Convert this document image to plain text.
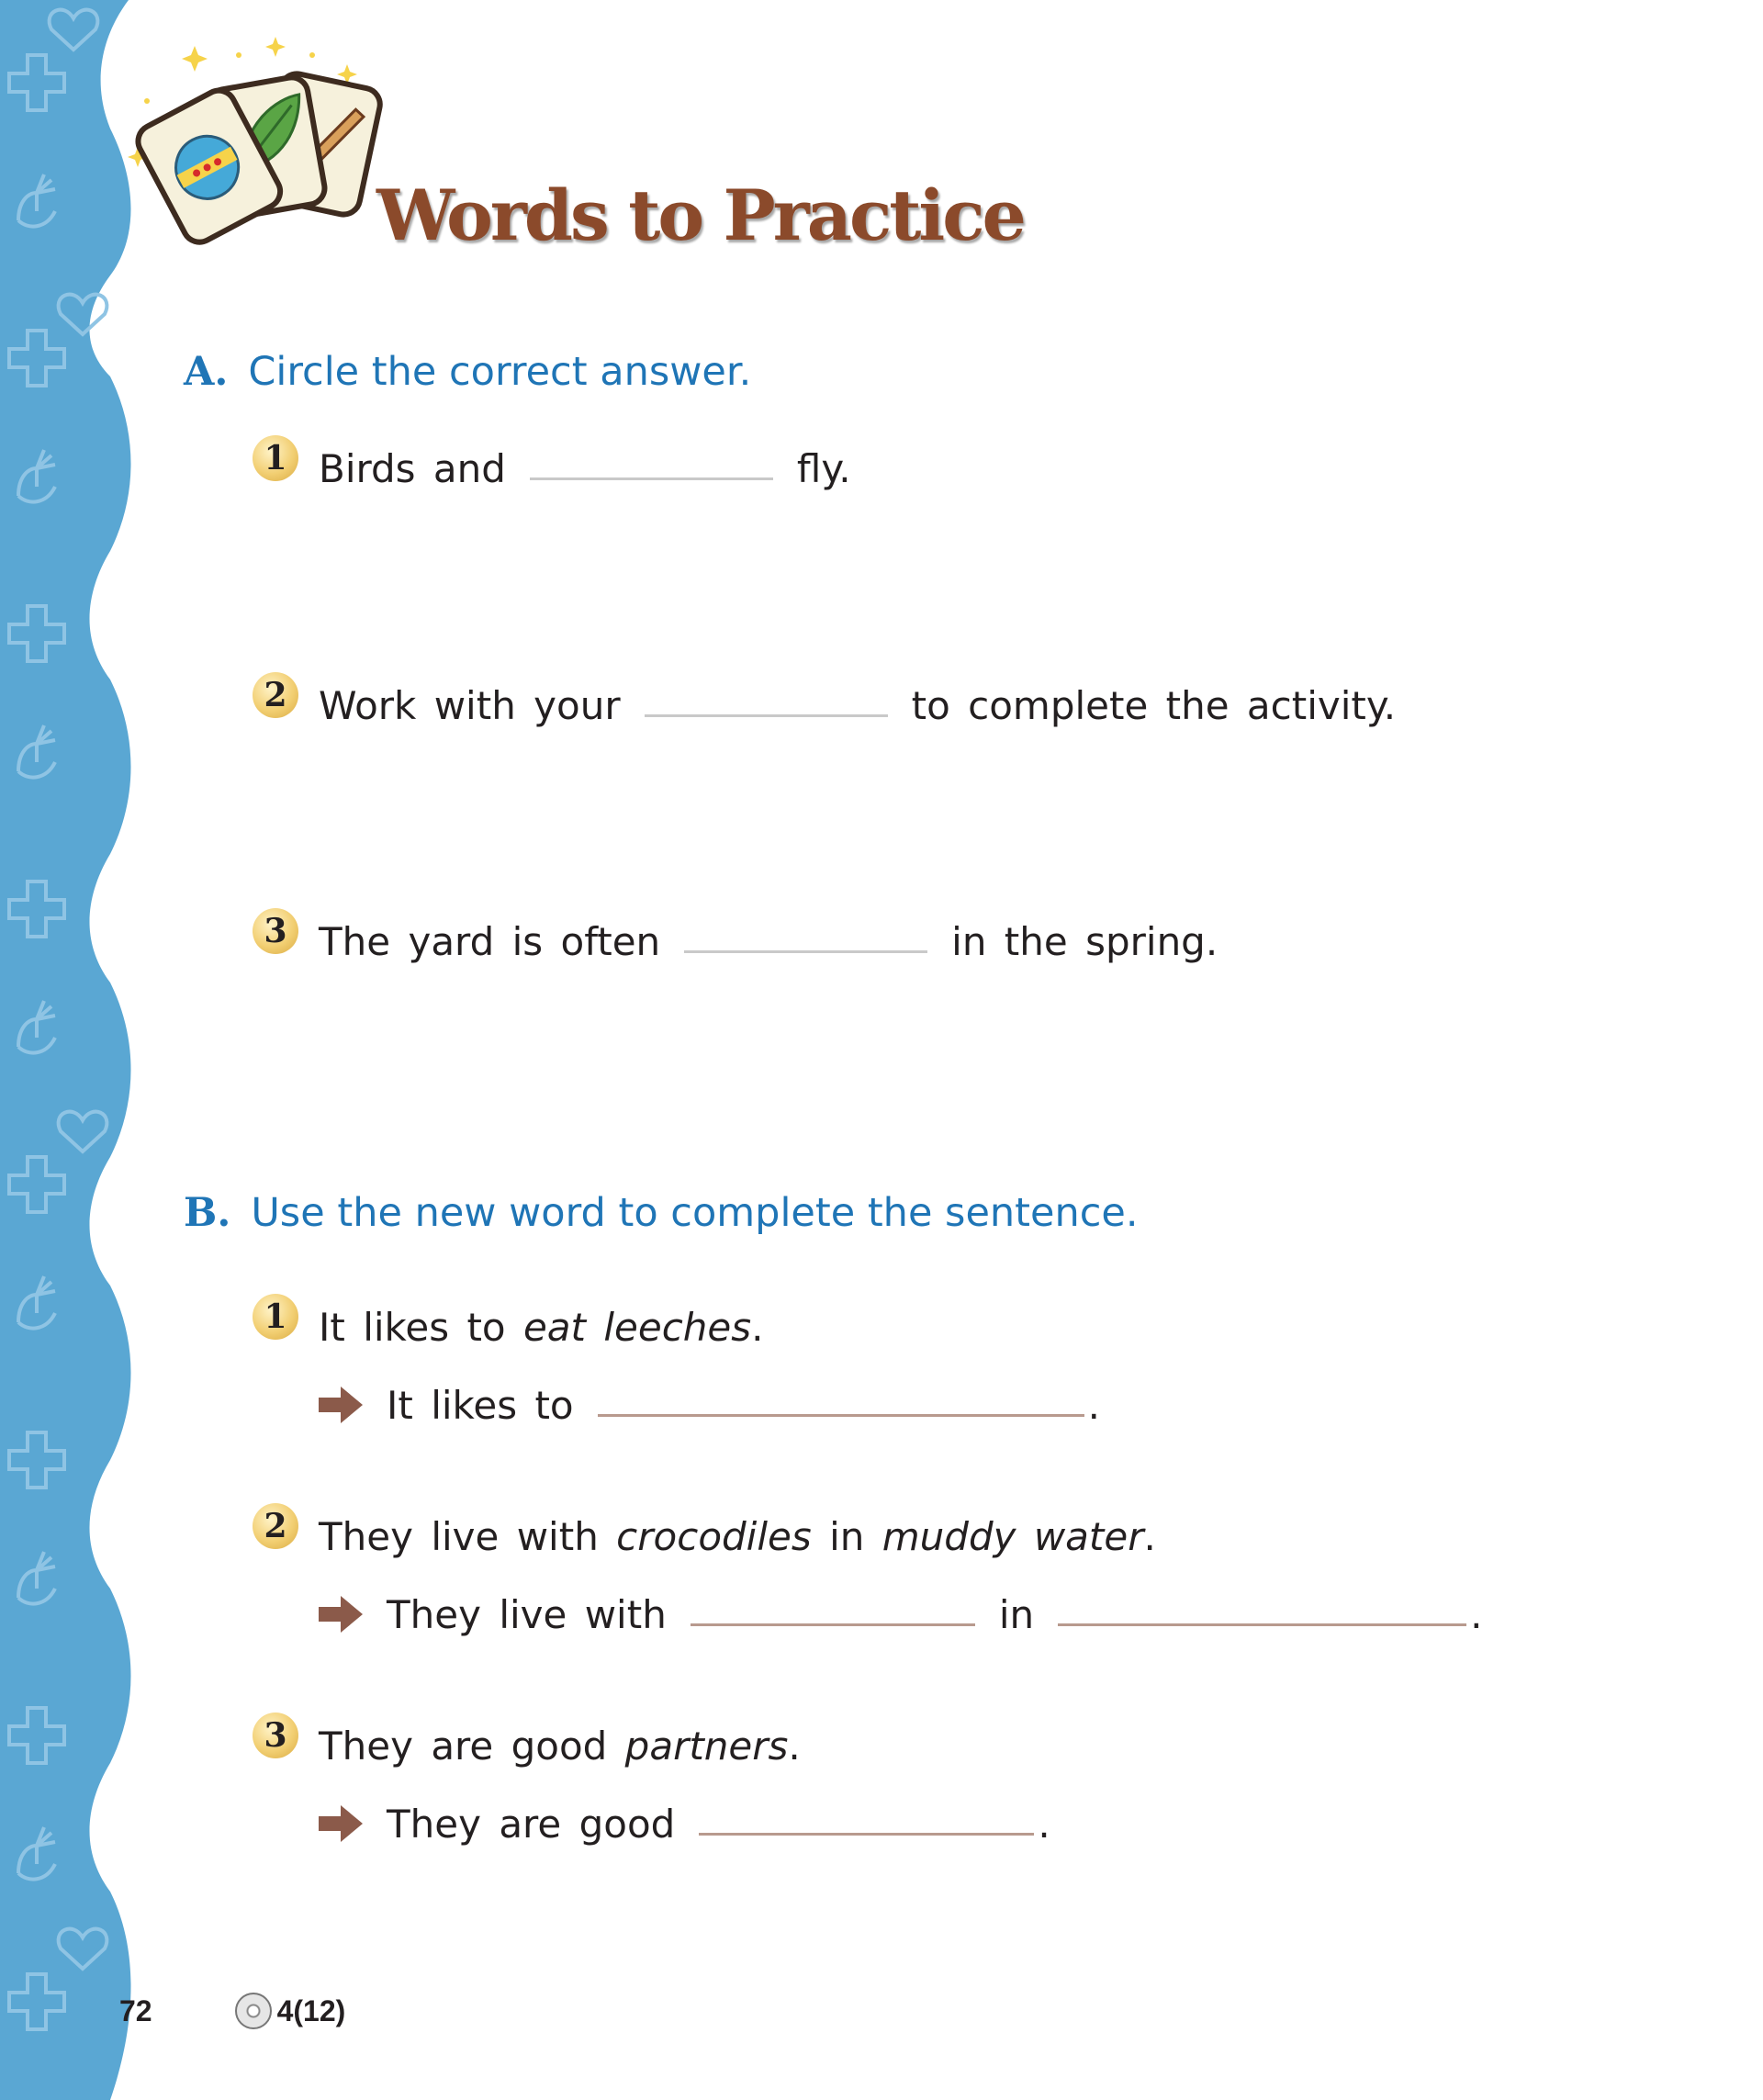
Words to Practice
A. Circle the correct answer.
1 Birds and	fly.
2 Work with your	to complete the activity.
3 The yard is often	in the spring.
B. Use the new word to complete the sentence.
1 It likes to
eat leeches .
It likes to	.
2 They live with
crocodiles
in
muddy water .
They live with	in	.
3 They are good
partners .
They are good	.
72	4(12)
